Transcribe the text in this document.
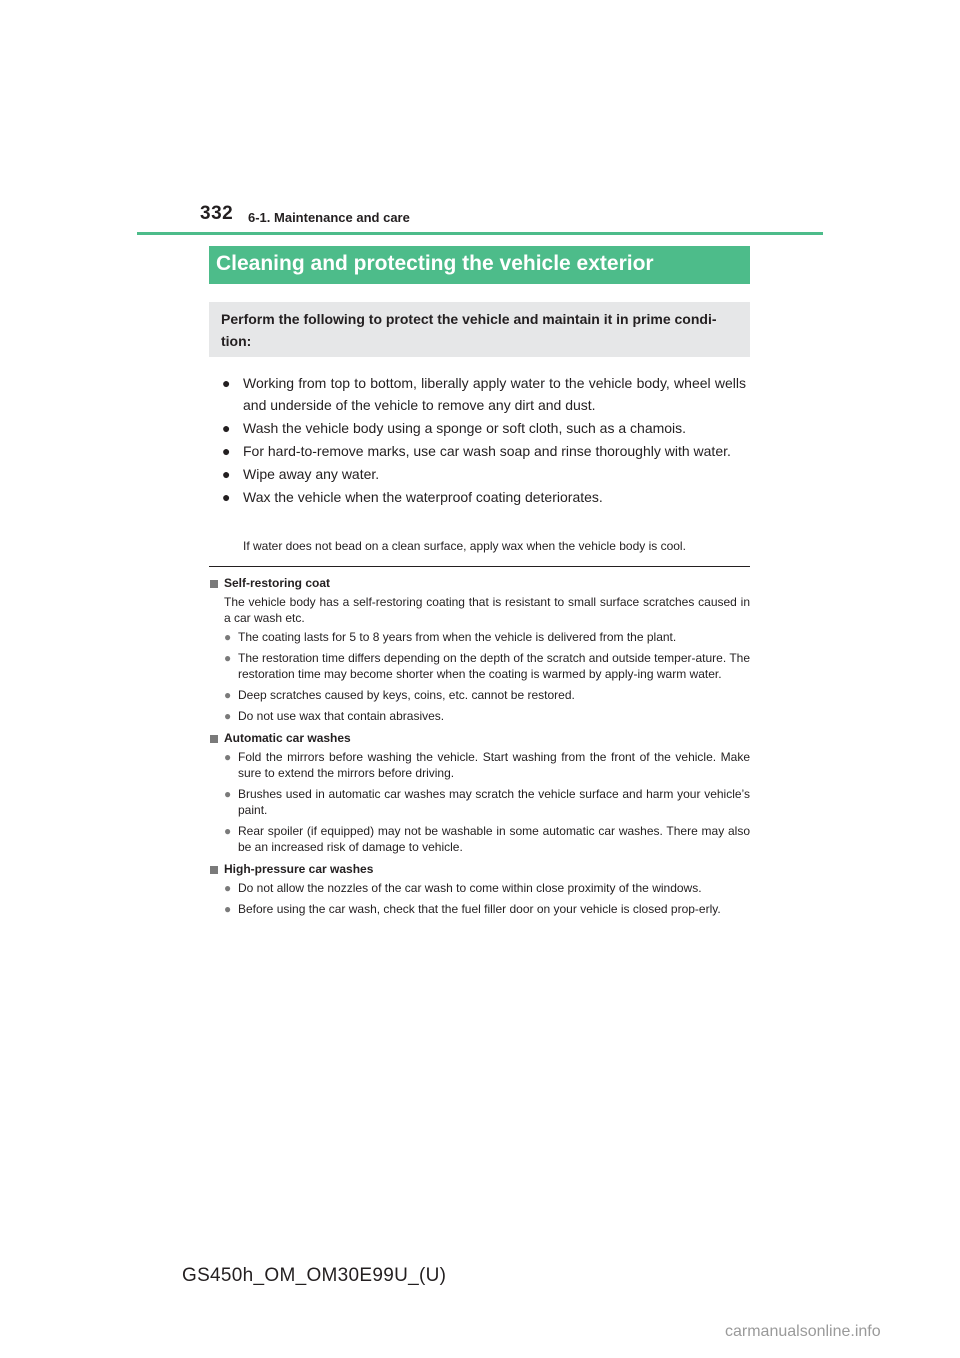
332 6-1. Maintenance and care
Cleaning and protecting the vehicle exterior

Perform the following to protect the vehicle and maintain it in prime condi-tion:

● Working from top to bottom, liberally apply water to the vehicle body, wheel wells and underside of the vehicle to remove any dirt and dust.
● Wash the vehicle body using a sponge or soft cloth, such as a chamois.
● For hard-to-remove marks, use car wash soap and rinse thoroughly with water.
● Wipe away any water.
● Wax the vehicle when the waterproof coating deteriorates.
If water does not bead on a clean surface, apply wax when the vehicle body is cool.
Self-restoring coat

The vehicle body has a self-restoring coating that is resistant to small surface scratches caused in a car wash etc.

● The coating lasts for 5 to 8 years from when the vehicle is delivered from the plant.
● The restoration time differs depending on the depth of the scratch and outside temper-ature. The restoration time may become shorter when the coating is warmed by apply-ing warm water.
● Deep scratches caused by keys, coins, etc. cannot be restored.
● Do not use wax that contain abrasives.
Automatic car washes
● Fold the mirrors before washing the vehicle. Start washing from the front of the vehicle. Make sure to extend the mirrors before driving.
● Brushes used in automatic car washes may scratch the vehicle surface and harm your vehicle’s paint.
● Rear spoiler (if equipped) may not be washable in some automatic car washes. There may also be an increased risk of damage to vehicle.
High-pressure car washes
● Do not allow the nozzles of the car wash to come within close proximity of the windows.
● Before using the car wash, check that the fuel filler door on your vehicle is closed prop-erly.
GS450h_OM_OM30E99U_(U)
carmanualsonline.info
